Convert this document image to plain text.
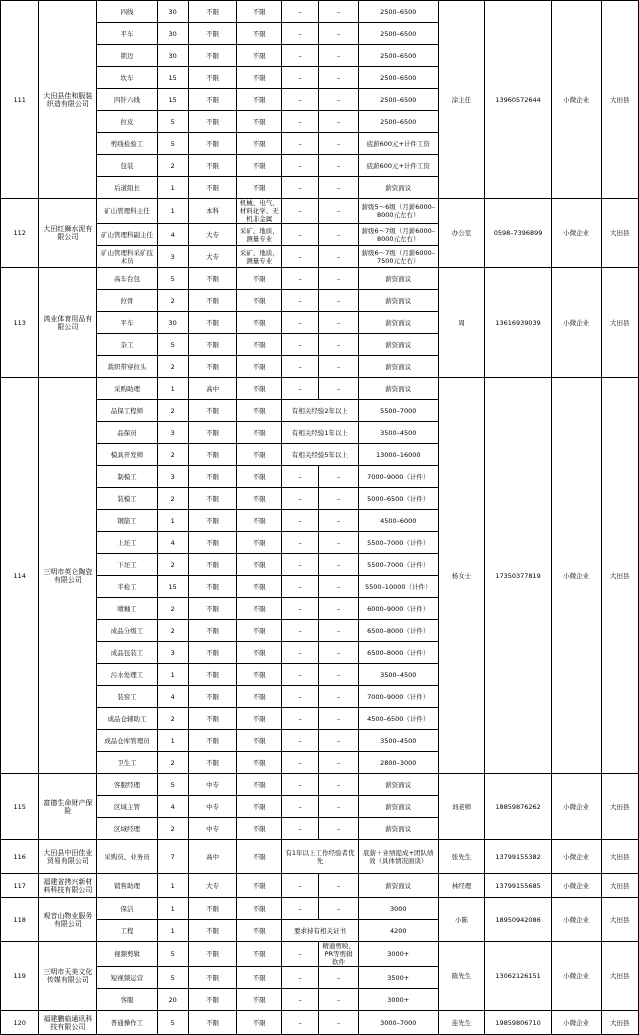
111	大田县佳和服装织造有限公司	四线	30	不限	不限	–	–	2500–6500	涂主任	13960572644	小微企业	大田县
		平车	30	不限	不限	–	–	2500–6500				
		锁边	30	不限	不限	–	–	2500–6500				
		坎车	15	不限	不限	–	–	2500–6500				
		四针六线	15	不限	不限	–	–	2500–6500				
		拉皮	5	不限	不限	–	–	2500–6500				
		剪线检验工	5	不限	不限	–	–	底薪600元+计件工资				
		包装	2	不限	不限	–	–	底薪600元+计件工资				
		后道组长	1	不限	不限	–	–	薪资面议				
112	大田红狮水泥有限公司	矿山管理科主任	1	本科	机械、电气、材料化学、无机非金属	–	–	薪级5～6级（月薪6000–8000元左右）	办公室	0598–7396899	小微企业	大田县
		矿山管理科副主任	4	大专	采矿、地质，测量专业	–	–	薪级6～7级（月薪6000–8000元左右）				
		矿山管理科采矿技术员	3	大专	采矿、地质，测量专业	–	–	薪级6～7级（月薪6000–7500元左右）				
113	鸿业体育用品有限公司	高车台包	5	不限	不限	–	–	薪资面议	周	13616939039	小微企业	大田县
		拉骨	2	不限	不限	–	–	薪资面议				
		平车	30	不限	不限	–	–	薪资面议				
		杂工	5	不限	不限	–	–	薪资面议				
		裁织带穿拉头	2	不限	不限	–	–	薪资面议				
114	三明市英仑陶瓷有限公司	采购助理	1	高中	不限	–	–	薪资面议	杨女士	17350377819	小微企业	大田县
		品保工程师	2	不限	不限	有相关经验2年以上		5500–7000				
		品保员	3	不限	不限	有相关经验1年以上		3500–4500				
		模具开发师	2	不限	不限	有相关经验5年以上		13000–16000				
		制模工	3	不限	不限	–	–	7000–9000（计件）				
		装模工	2	不限	不限	–	–	5000–6500（计件）				
		钢筋工	1	不限	不限	–	–	4500–6000				
		上坯工	4	不限	不限	–	–	5500–7000（计件）				
		下坯工	2	不限	不限	–	–	5500–7000（计件）				
		半检工	15	不限	不限	–	–	5500–10000（计件）				
		喷釉工	2	不限	不限	–	–	6000–9000（计件）				
		成品分级工	2	不限	不限	–	–	6500–8000（计件）				
		成品包装工	3	不限	不限	–	–	6500–8000（计件）				
		污水处理工	1	不限	不限	–	–	3500–4500				
		装窑工	4	不限	不限	–	–	7000–9000（计件）				
		成品仓辅助工	2	不限	不限	–	–	4500–6500（计件）				
		成品仓库管理员	1	不限	不限	–	–	3500–4500				
		卫生工	2	不限	不限	–	–	2800–3000				
115	富德生命财产保险	客服经理	5	中专	不限	–	–	薪资面议	刘老师	18859876262	小微企业	大田县
		区域主管	4	中专	不限	–	–	薪资面议				
		区域经理	2	中专	不限	–	–	薪资面议				
116	大田县中田佳业贸易有限公司	采购员、业务员	7	高中	不限	有1年以上工作经验者优先		底薪＋业绩提成+团队绩效（具体情况面谈）	张先生	13799155382	小微企业	大田县
117	福建省拷兴新材料科技有限公司	销售助理	1	大专	不限	–	–	薪资面议	林经理	13799155685	小微企业	大田县
118	观音山物业服务有限公司	保洁	1	不限	不限	–	–	3000	小陈	18950942086	小微企业	大田县
		工程	1	不限	不限	要求持有相关证书		4200				
119	三明市天美文化传媒有限公司	视频剪辑	5	不限	不限	–	精通剪映、PR等剪辑软件	3000+	陈先生	13062126151	小微企业	大田县
		短视频运营	5	不限	不限	–	–	3500+				
		客服	20	不限	不限	–	–	3000+				
120	福建鹏临通讯科技有限公司	普通操作工	5	不限	不限	–	–	3000–7000	连先生	19859806710	小微企业	大田县
